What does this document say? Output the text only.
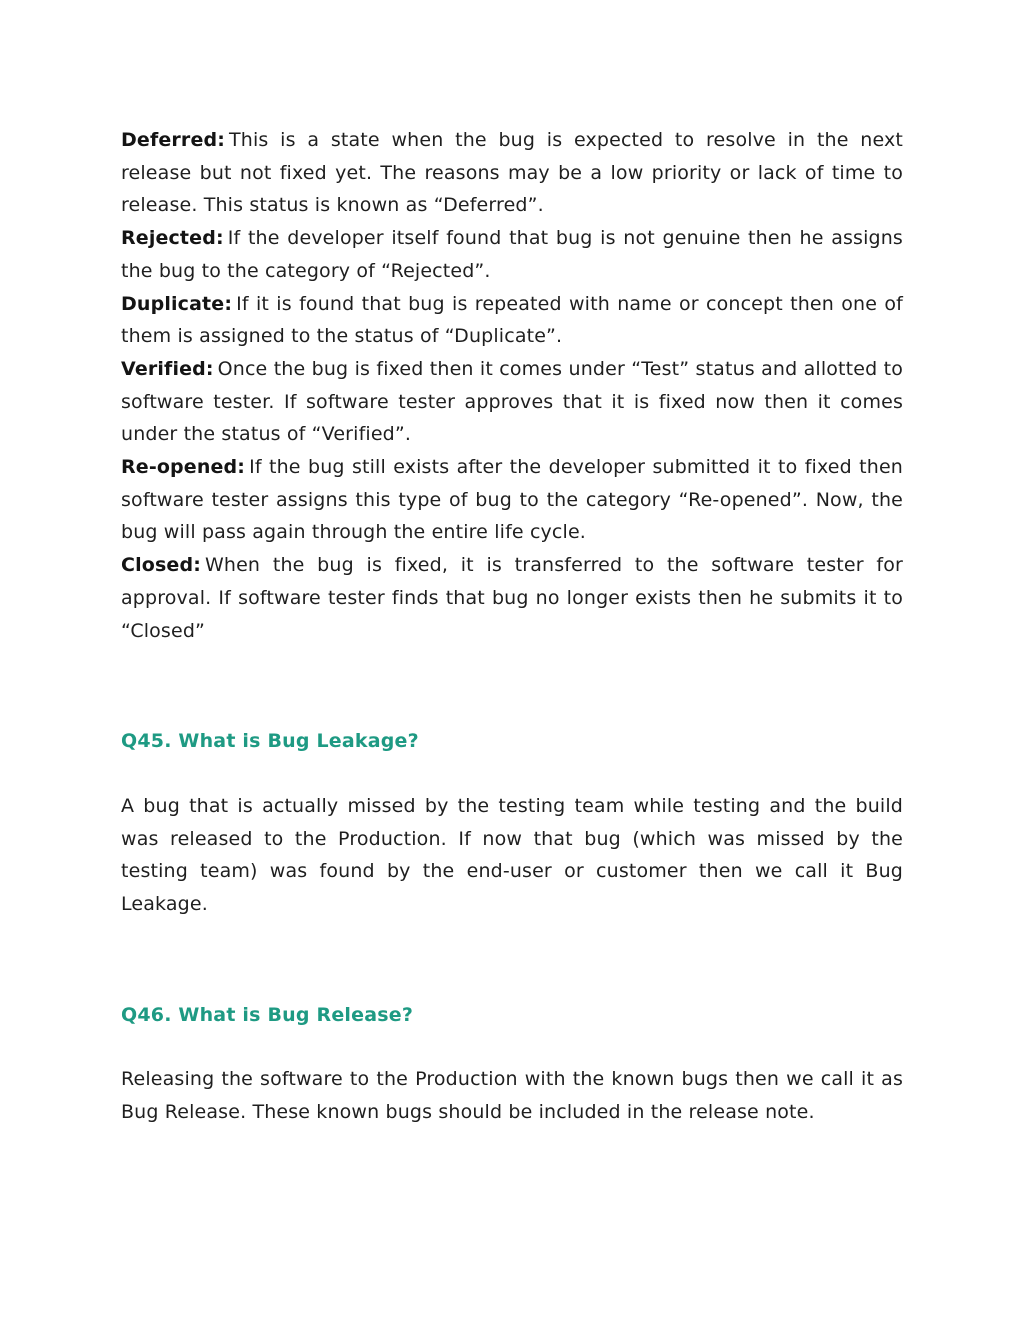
Deferred: This is a state when the bug is expected to resolve in the next release but not fixed yet. The reasons may be a low priority or lack of time to release. This status is known as “Deferred”.

Rejected: If the developer itself found that bug is not genuine then he assigns the bug to the category of “Rejected”.

Duplicate: If it is found that bug is repeated with name or concept then one of them is assigned to the status of “Duplicate”.

Verified: Once the bug is fixed then it comes under “Test” status and allotted to software tester. If software tester approves that it is fixed now then it comes under the status of “Verified”.

Re-opened: If the bug still exists after the developer submitted it to fixed then software tester assigns this type of bug to the category “Re-opened”. Now, the bug will pass again through the entire life cycle.

Closed: When the bug is fixed, it is transferred to the software tester for approval. If software tester finds that bug no longer exists then he submits it to “Closed”

Q45. What is Bug Leakage?

A bug that is actually missed by the testing team while testing and the build was released to the Production. If now that bug (which was missed by the testing team) was found by the end-user or customer then we call it Bug Leakage.

Q46. What is Bug Release?

Releasing the software to the Production with the known bugs then we call it as Bug Release. These known bugs should be included in the release note.
